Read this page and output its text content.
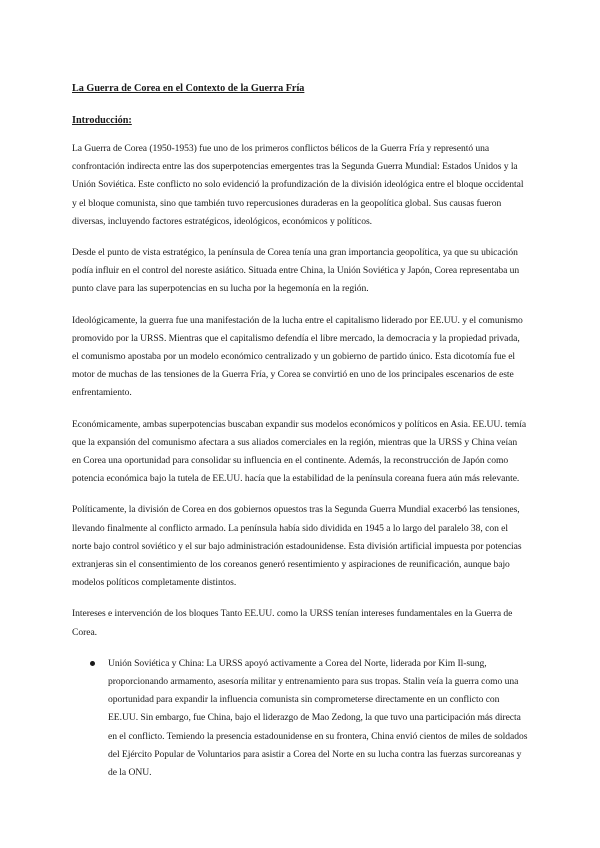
La Guerra de Corea en el Contexto de la Guerra Fría
Introducción:

La Guerra de Corea (1950-1953) fue uno de los primeros conflictos bélicos de la Guerra Fría y representó una confrontación indirecta entre las dos superpotencias emergentes tras la Segunda Guerra Mundial: Estados Unidos y la Unión Soviética. Este conflicto no solo evidenció la profundización de la división ideológica entre el bloque occidental y el bloque comunista, sino que también tuvo repercusiones duraderas en la geopolítica global. Sus causas fueron diversas, incluyendo factores estratégicos, ideológicos, económicos y políticos.

Desde el punto de vista estratégico, la península de Corea tenía una gran importancia geopolítica, ya que su ubicación podía influir en el control del noreste asiático. Situada entre China, la Unión Soviética y Japón, Corea representaba un punto clave para las superpotencias en su lucha por la hegemonía en la región.

Ideológicamente, la guerra fue una manifestación de la lucha entre el capitalismo liderado por EE.UU. y el comunismo promovido por la URSS. Mientras que el capitalismo defendía el libre mercado, la democracia y la propiedad privada, el comunismo apostaba por un modelo económico centralizado y un gobierno de partido único. Esta dicotomía fue el motor de muchas de las tensiones de la Guerra Fría, y Corea se convirtió en uno de los principales escenarios de este enfrentamiento.

Económicamente, ambas superpotencias buscaban expandir sus modelos económicos y políticos en Asia. EE.UU. temía que la expansión del comunismo afectara a sus aliados comerciales en la región, mientras que la URSS y China veían en Corea una oportunidad para consolidar su influencia en el continente. Además, la reconstrucción de Japón como potencia económica bajo la tutela de EE.UU. hacía que la estabilidad de la península coreana fuera aún más relevante.

Políticamente, la división de Corea en dos gobiernos opuestos tras la Segunda Guerra Mundial exacerbó las tensiones, llevando finalmente al conflicto armado. La península había sido dividida en 1945 a lo largo del paralelo 38, con el norte bajo control soviético y el sur bajo administración estadounidense. Esta división artificial impuesta por potencias extranjeras sin el consentimiento de los coreanos generó resentimiento y aspiraciones de reunificación, aunque bajo modelos políticos completamente distintos.

Intereses e intervención de los bloques Tanto EE.UU. como la URSS tenían intereses fundamentales en la Guerra de Corea.

Unión Soviética y China: La URSS apoyó activamente a Corea del Norte, liderada por Kim Il-sung, proporcionando armamento, asesoría militar y entrenamiento para sus tropas. Stalin veía la guerra como una oportunidad para expandir la influencia comunista sin comprometerse directamente en un conflicto con EE.UU. Sin embargo, fue China, bajo el liderazgo de Mao Zedong, la que tuvo una participación más directa en el conflicto. Temiendo la presencia estadounidense en su frontera, China envió cientos de miles de soldados del Ejército Popular de Voluntarios para asistir a Corea del Norte en su lucha contra las fuerzas surcoreanas y de la ONU.
